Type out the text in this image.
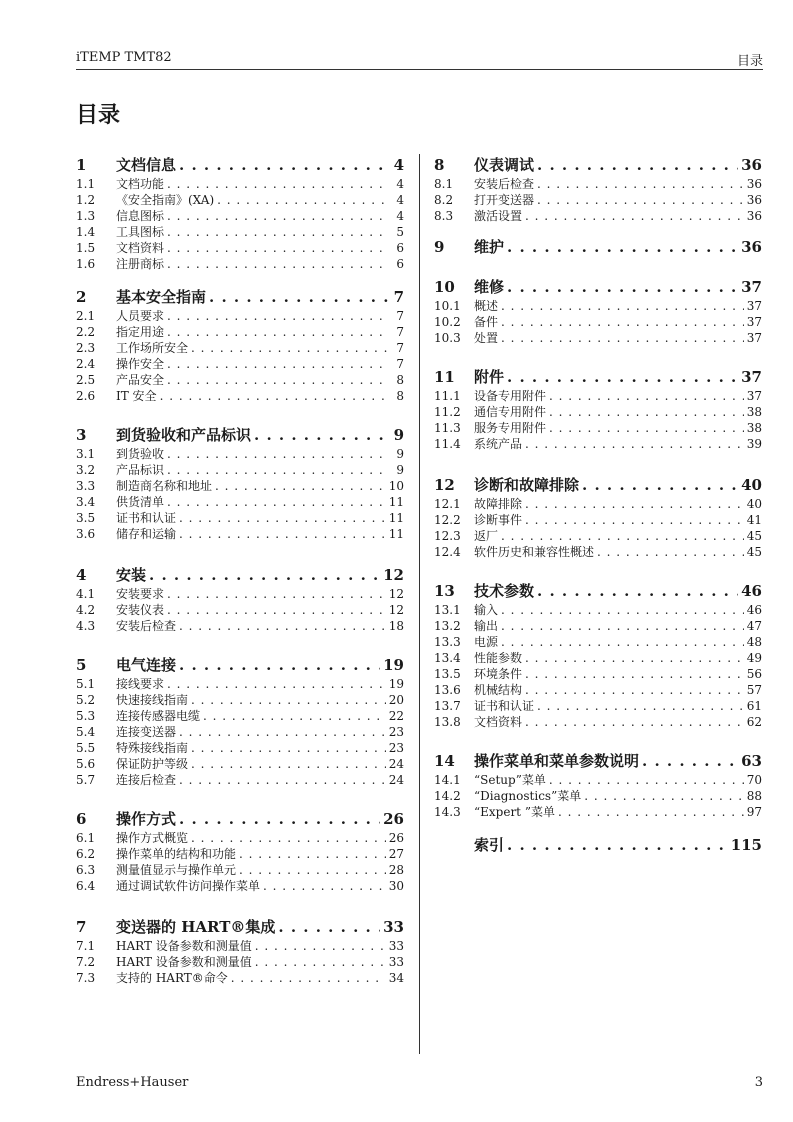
iTEMP TMT82	目录
目录
1	文档信息 . . .	4
1.1	文档功能 . . .	4
1.2	《安全指南》(XA) . . .	4
1.3	信息图标 . . .	4
1.4	工具图标 . . .	5
1.5	文档资料 . . .	6
1.6	注册商标 . . .	6
2	基本安全指南 . . .	7
2.1	人员要求 . . .	7
2.2	指定用途 . . .	7
2.3	工作场所安全 . . .	7
2.4	操作安全 . . .	7
2.5	产品安全 . . .	8
2.6	IT 安全 . . .	8
3	到货验收和产品标识 . . .	9
3.1	到货验收 . . .	9
3.2	产品标识 . . .	9
3.3	制造商名称和地址 . . .	10
3.4	供货清单 . . .	11
3.5	证书和认证 . . .	11
3.6	储存和运输 . . .	11
4	安装 . . .	12
4.1	安装要求 . . .	12
4.2	安装仪表 . . .	12
4.3	安装后检查 . . .	18
5	电气连接 . . .	19
5.1	接线要求 . . .	19
5.2	快速接线指南 . . .	20
5.3	连接传感器电缆 . . .	22
5.4	连接变送器 . . .	23
5.5	特殊接线指南 . . .	23
5.6	保证防护等级 . . .	24
5.7	连接后检查 . . .	24
6	操作方式 . . .	26
6.1	操作方式概览 . . .	26
6.2	操作菜单的结构和功能 . . .	27
6.3	测量值显示与操作单元 . . .	28
6.4	通过调试软件访问操作菜单 . . .	30
7	变送器的 HART®集成 . . .	33
7.1	HART 设备参数和测量值 . . .	33
7.2	HART 设备参数和测量值 . . .	33
7.3	支持的 HART®命令 . . .	34
8	仪表调试 . . .	36
8.1	安装后检查 . . .	36
8.2	打开变送器 . . .	36
8.3	激活设置 . . .	36
9	维护 . . .	36
10	维修 . . .	37
10.1	概述 . . .	37
10.2	备件 . . .	37
10.3	处置 . . .	37
11	附件 . . .	37
11.1	设备专用附件 . . .	37
11.2	通信专用附件 . . .	38
11.3	服务专用附件 . . .	38
11.4	系统产品 . . .	39
12	诊断和故障排除 . . .	40
12.1	故障排除 . . .	40
12.2	诊断事件 . . .	41
12.3	返厂 . . .	45
12.4	软件历史和兼容性概述 . . .	45
13	技术参数 . . .	46
13.1	输入 . . .	46
13.2	输出 . . .	47
13.3	电源 . . .	48
13.4	性能参数 . . .	49
13.5	环境条件 . . .	56
13.6	机械结构 . . .	57
13.7	证书和认证 . . .	61
13.8	文档资料 . . .	62
14	操作菜单和菜单参数说明 . . .	63
14.1	“Setup”菜单 . . .	70
14.2	“Diagnostics”菜单 . . .	88
14.3	“Expert ”菜单 . . .	97
索引 . . .	115
Endress+Hauser	3
